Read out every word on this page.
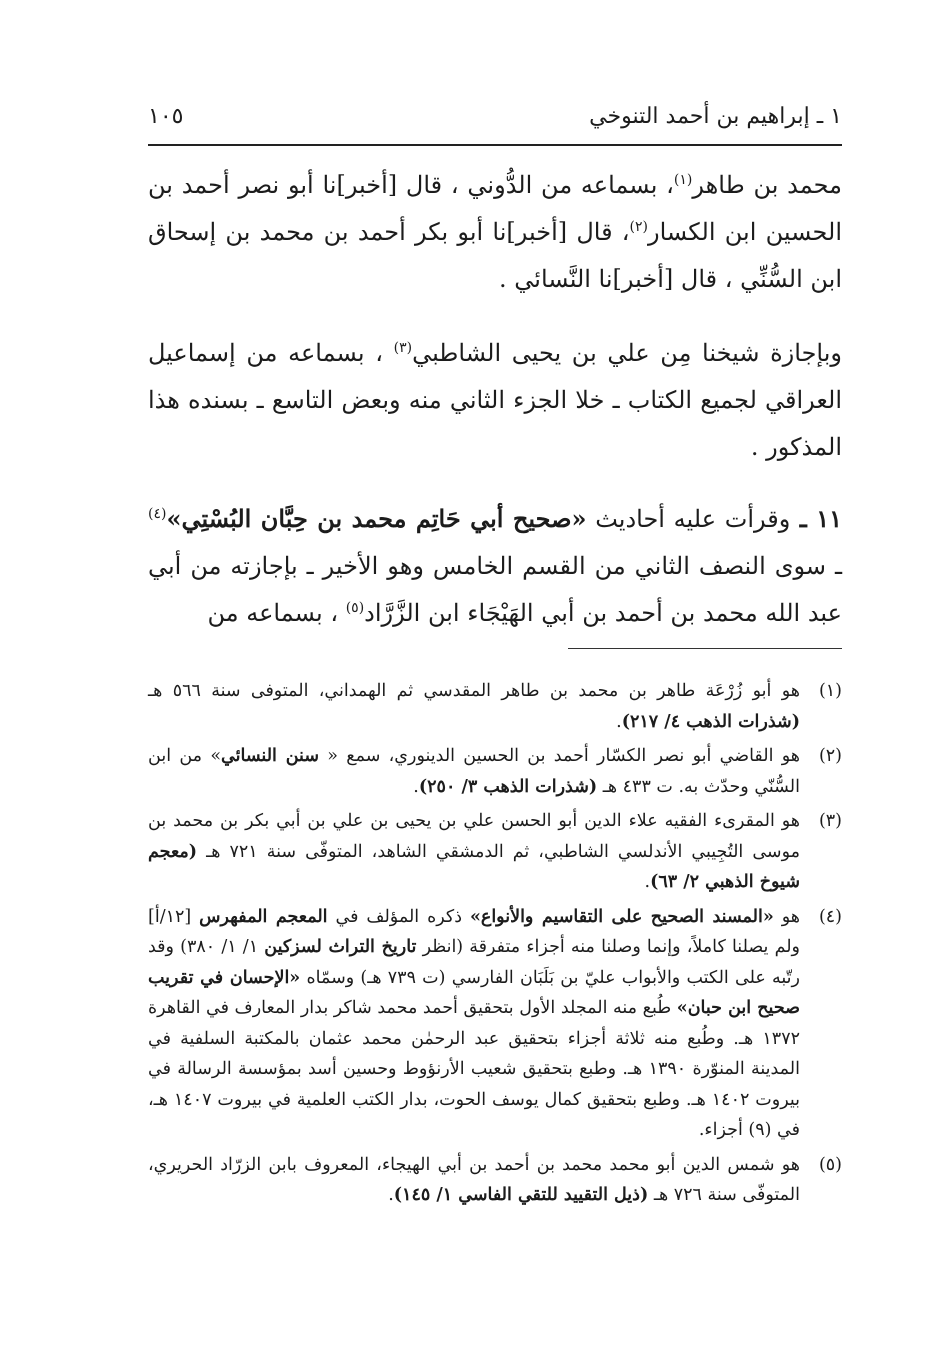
١ ـ إبراهيم بن أحمد التنوخي
١٠٥

محمد بن طاهر$^{(١)}$، بسماعه من الدُّوني ، قال [أخبر]نا أبو نصر أحمد بن الحسين ابن الكسار$^{(٢)}$، قال [أخبر]نا أبو بكر أحمد بن محمد بن إسحاق ابن السُّنِّي ، قال [أخبر]نا النَّسائي .

وبإجازة شيخنا مِن علي بن يحيى الشاطبي$^{(٣)}$ ، بسماعه من إسماعيل العراقي لجميع الكتاب ـ خلا الجزء الثاني منه وبعض التاسع ـ بسنده هذا المذكور .

١١ ـ وقرأت عليه أحاديث «صحيح أبي حَاتِم محمد بن حِبَّان البُسْتِي»$^{(٤)}$ ـ سوى النصف الثاني من القسم الخامس وهو الأخير ـ بإجازته من أبي عبد الله محمد بن أحمد بن أبي الهَيْجَاء ابن الزَّرَّاد$^{(٥)}$ ، بسماعه من

(١)
هو أبو زُرْعَة طاهر بن محمد بن طاهر المقدسي ثم الهمداني، المتوفى سنة ٥٦٦ هـ (شذرات الذهب ٤/ ٢١٧).
(٢)
هو القاضي أبو نصر الكسّار أحمد بن الحسين الدينوري، سمع « سنن النسائي» من ابن السُّنّي وحدّث به. ت ٤٣٣ هـ (شذرات الذهب ٣/ ٢٥٠).
(٣)
هو المقرىء الفقيه علاء الدين أبو الحسن علي بن يحيى بن علي بن أبي بكر بن محمد بن موسى التُجِيبي الأندلسي الشاطبي، ثم الدمشقي الشاهد، المتوفّى سنة ٧٢١ هـ (معجم شيوخ الذهبي ٢/ ٦٣).
(٤)
هو «المسند الصحيح على التقاسيم والأنواع» ذكره المؤلف في المعجم المفهرس [١٢/أ] ولم يصلنا كاملاً، وإنما وصلنا منه أجزاء متفرقة (انظر تاريخ التراث لسزكين ١/ ١/ ٣٨٠) وقد رتّبه على الكتب والأبواب عليّ بن بَلَبَان الفارسي (ت ٧٣٩ هـ) وسمّاه «الإحسان في تقريب صحيح ابن حبان» طُبع منه المجلد الأول بتحقيق أحمد محمد شاكر بدار المعارف في القاهرة ١٣٧٢ هـ. وطُبع منه ثلاثة أجزاء بتحقيق عبد الرحمٰن محمد عثمان بالمكتبة السلفية في المدينة المنوّرة ١٣٩٠ هـ. وطبع بتحقيق شعيب الأرنؤوط وحسين أسد بمؤسسة الرسالة في بيروت ١٤٠٢ هـ. وطبع بتحقيق كمال يوسف الحوت، بدار الكتب العلمية في بيروت ١٤٠٧ هـ، في (٩) أجزاء.
(٥)
هو شمس الدين أبو محمد محمد بن أحمد بن أبي الهيجاء، المعروف بابن الزرّاد الحريري، المتوفّى سنة ٧٢٦ هـ (ذيل التقييد للتقي الفاسي ١/ ١٤٥).
